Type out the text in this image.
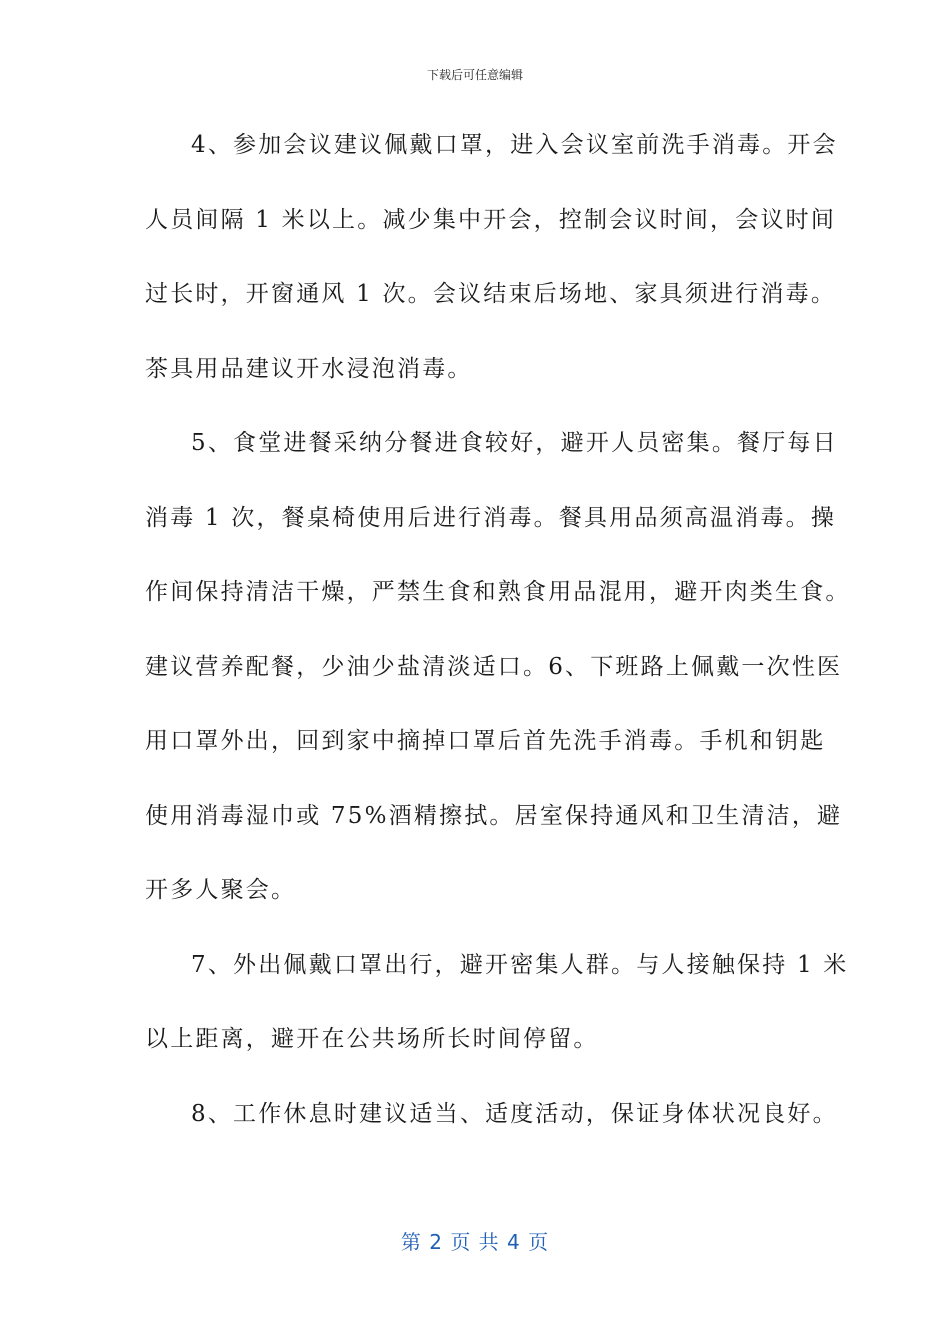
下载后可任意编辑
4、参加会议建议佩戴口罩，进入会议室前洗手消毒。开会
人员间隔 1 米以上。减少集中开会，控制会议时间，会议时间
过长时，开窗通风 1 次。会议结束后场地、家具须进行消毒。
茶具用品建议开水浸泡消毒。
5、食堂进餐采纳分餐进食较好，避开人员密集。餐厅每日
消毒 1 次，餐桌椅使用后进行消毒。餐具用品须高温消毒。操
作间保持清洁干燥，严禁生食和熟食用品混用，避开肉类生食。
建议营养配餐，少油少盐清淡适口。6、下班路上佩戴一次性医
用口罩外出，回到家中摘掉口罩后首先洗手消毒。手机和钥匙
使用消毒湿巾或 75%酒精擦拭。居室保持通风和卫生清洁，避
开多人聚会。
7、外出佩戴口罩出行，避开密集人群。与人接触保持 1 米
以上距离，避开在公共场所长时间停留。
8、工作休息时建议适当、适度活动，保证身体状况良好。
第 2 页 共 4 页
